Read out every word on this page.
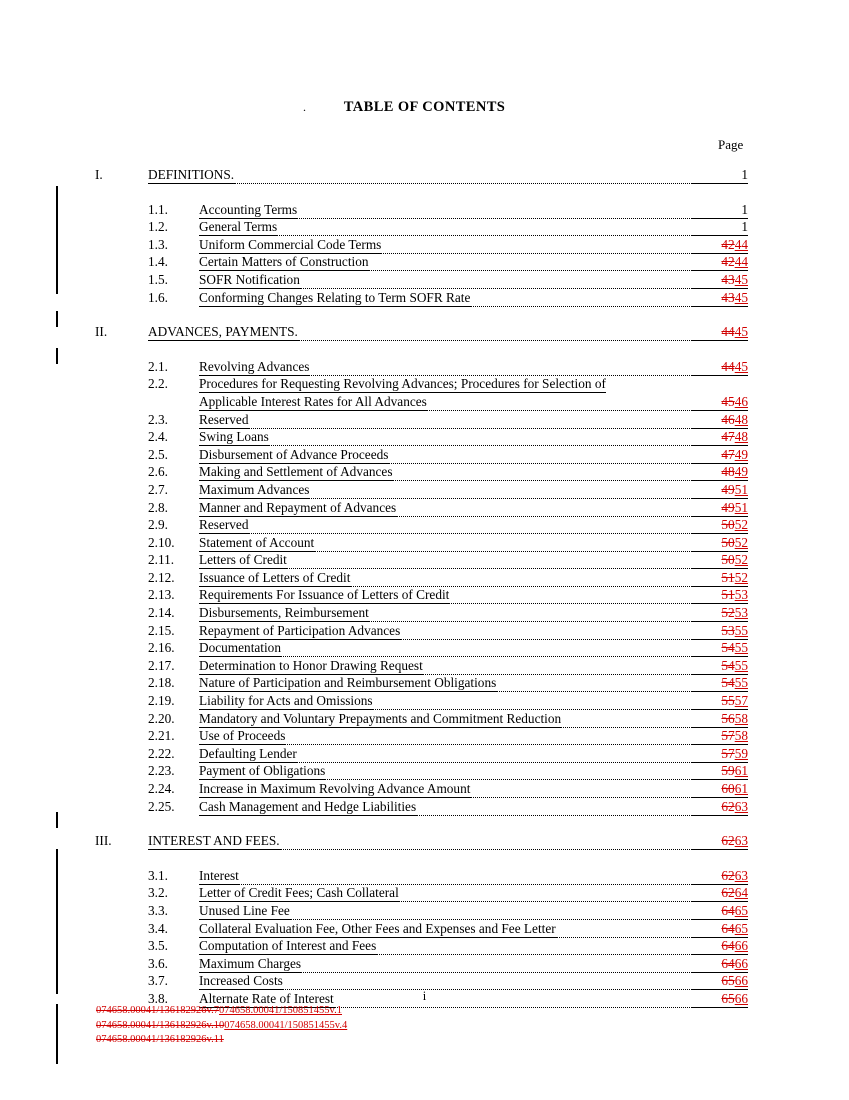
.	TABLE OF CONTENTS
Page
I.	DEFINITIONS.	1
1.1.	Accounting Terms	1
1.2.	General Terms	1
1.3.	Uniform Commercial Code Terms	4244
1.4.	Certain Matters of Construction	4244
1.5.	SOFR Notification	4345
1.6.	Conforming Changes Relating to Term SOFR Rate	4345
II.	ADVANCES, PAYMENTS.	4445
2.1.	Revolving Advances	4445
2.2.	Procedures for Requesting Revolving Advances; Procedures for Selection of
Applicable Interest Rates for All Advances	4546
2.3.	Reserved	4648
2.4.	Swing Loans	4748
2.5.	Disbursement of Advance Proceeds	4749
2.6.	Making and Settlement of Advances	4849
2.7.	Maximum Advances	4951
2.8.	Manner and Repayment of Advances	4951
2.9.	Reserved	5052
2.10.	Statement of Account	5052
2.11.	Letters of Credit	5052
2.12.	Issuance of Letters of Credit	5152
2.13.	Requirements For Issuance of Letters of Credit	5153
2.14.	Disbursements, Reimbursement	5253
2.15.	Repayment of Participation Advances	5355
2.16.	Documentation	5455
2.17.	Determination to Honor Drawing Request	5455
2.18.	Nature of Participation and Reimbursement Obligations	5455
2.19.	Liability for Acts and Omissions	5557
2.20.	Mandatory and Voluntary Prepayments and Commitment Reduction	5658
2.21.	Use of Proceeds	5758
2.22.	Defaulting Lender	5759
2.23.	Payment of Obligations	5961
2.24.	Increase in Maximum Revolving Advance Amount	6061
2.25.	Cash Management and Hedge Liabilities	6263
III.	INTEREST AND FEES.	6263
3.1.	Interest	6263
3.2.	Letter of Credit Fees; Cash Collateral	6264
3.3.	Unused Line Fee	6465
3.4.	Collateral Evaluation Fee, Other Fees and Expenses and Fee Letter	6465
3.5.	Computation of Interest and Fees	6466
3.6.	Maximum Charges	6466
3.7.	Increased Costs	6566
3.8.	Alternate Rate of Interest	6566
i
074658.00041/136182926v.7074658.00041/150851455v.1
074658.00041/136182926v.10074658.00041/150851455v.4
074658.00041/136182926v.11
